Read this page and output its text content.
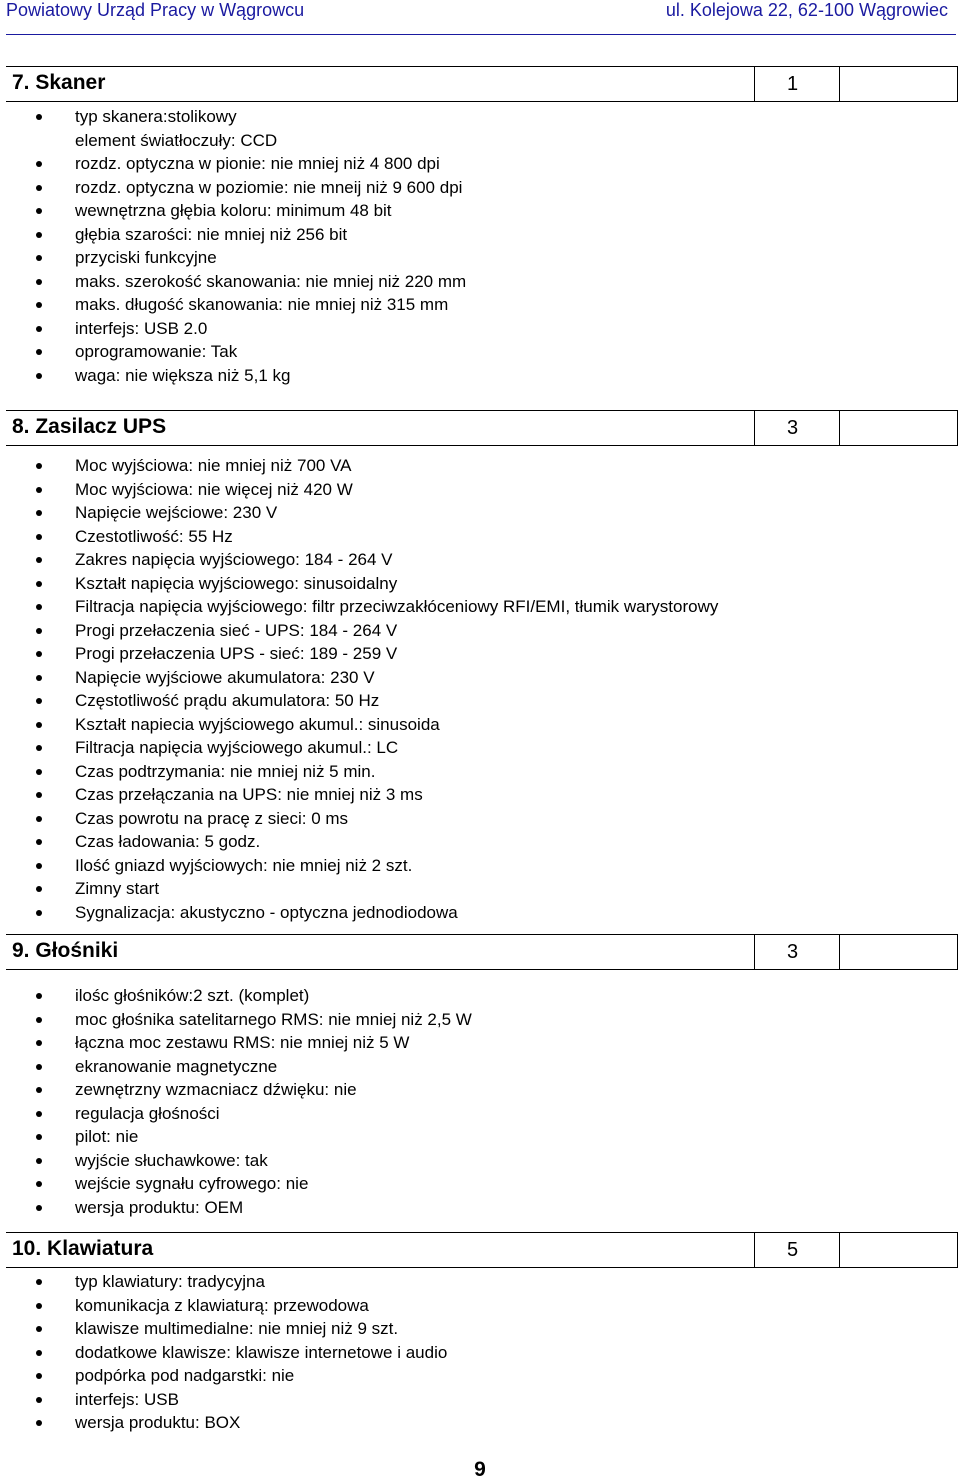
Powiatowy Urząd Pracy w Wągrowcu	ul. Kolejowa 22, 62-100 Wągrowiec
7. Skaner	1
typ skanera:stolikowy
element światłoczuły: CCD
rozdz. optyczna w pionie: nie mniej niż 4 800 dpi
rozdz. optyczna w poziomie: nie mneij niż 9 600 dpi
wewnętrzna głębia koloru: minimum 48 bit
głębia szarości: nie mniej niż 256 bit
przyciski funkcyjne
maks. szerokość skanowania: nie mniej niż 220 mm
maks. długość skanowania: nie mniej niż 315 mm
interfejs: USB 2.0
oprogramowanie: Tak
waga: nie większa niż 5,1 kg
8. Zasilacz UPS	3
Moc wyjściowa: nie mniej niż 700 VA
Moc wyjściowa: nie więcej niż 420 W
Napięcie wejściowe: 230 V
Czestotliwość: 55 Hz
Zakres napięcia wyjściowego: 184 - 264 V
Kształt napięcia wyjściowego: sinusoidalny
Filtracja napięcia wyjściowego: filtr przeciwzakłóceniowy RFI/EMI, tłumik warystorowy
Progi przełaczenia sieć - UPS: 184 - 264 V
Progi przełaczenia UPS - sieć: 189 - 259 V
Napięcie wyjściowe akumulatora: 230 V
Częstotliwość prądu akumulatora: 50 Hz
Kształt napiecia wyjściowego akumul.: sinusoida
Filtracja napięcia wyjściowego akumul.: LC
Czas podtrzymania: nie mniej niż 5 min.
Czas przełączania na UPS: nie mniej niż 3 ms
Czas powrotu na pracę z sieci: 0 ms
Czas ładowania: 5 godz.
Ilość gniazd wyjściowych: nie mniej niż 2 szt.
Zimny start
Sygnalizacja: akustyczno - optyczna jednodiodowa
9. Głośniki	3
ilośc głośników:2 szt. (komplet)
moc głośnika satelitarnego RMS: nie mniej niż 2,5 W
łączna moc zestawu RMS: nie mniej niż 5 W
ekranowanie magnetyczne
zewnętrzny wzmacniacz dźwięku: nie
regulacja głośności
pilot: nie
wyjście słuchawkowe: tak
wejście sygnału cyfrowego: nie
wersja produktu: OEM
10. Klawiatura	5
typ klawiatury: tradycyjna
komunikacja z klawiaturą: przewodowa
klawisze multimedialne: nie mniej niż 9 szt.
dodatkowe klawisze: klawisze internetowe i audio
podpórka pod nadgarstki: nie
interfejs: USB
wersja produktu: BOX
9
